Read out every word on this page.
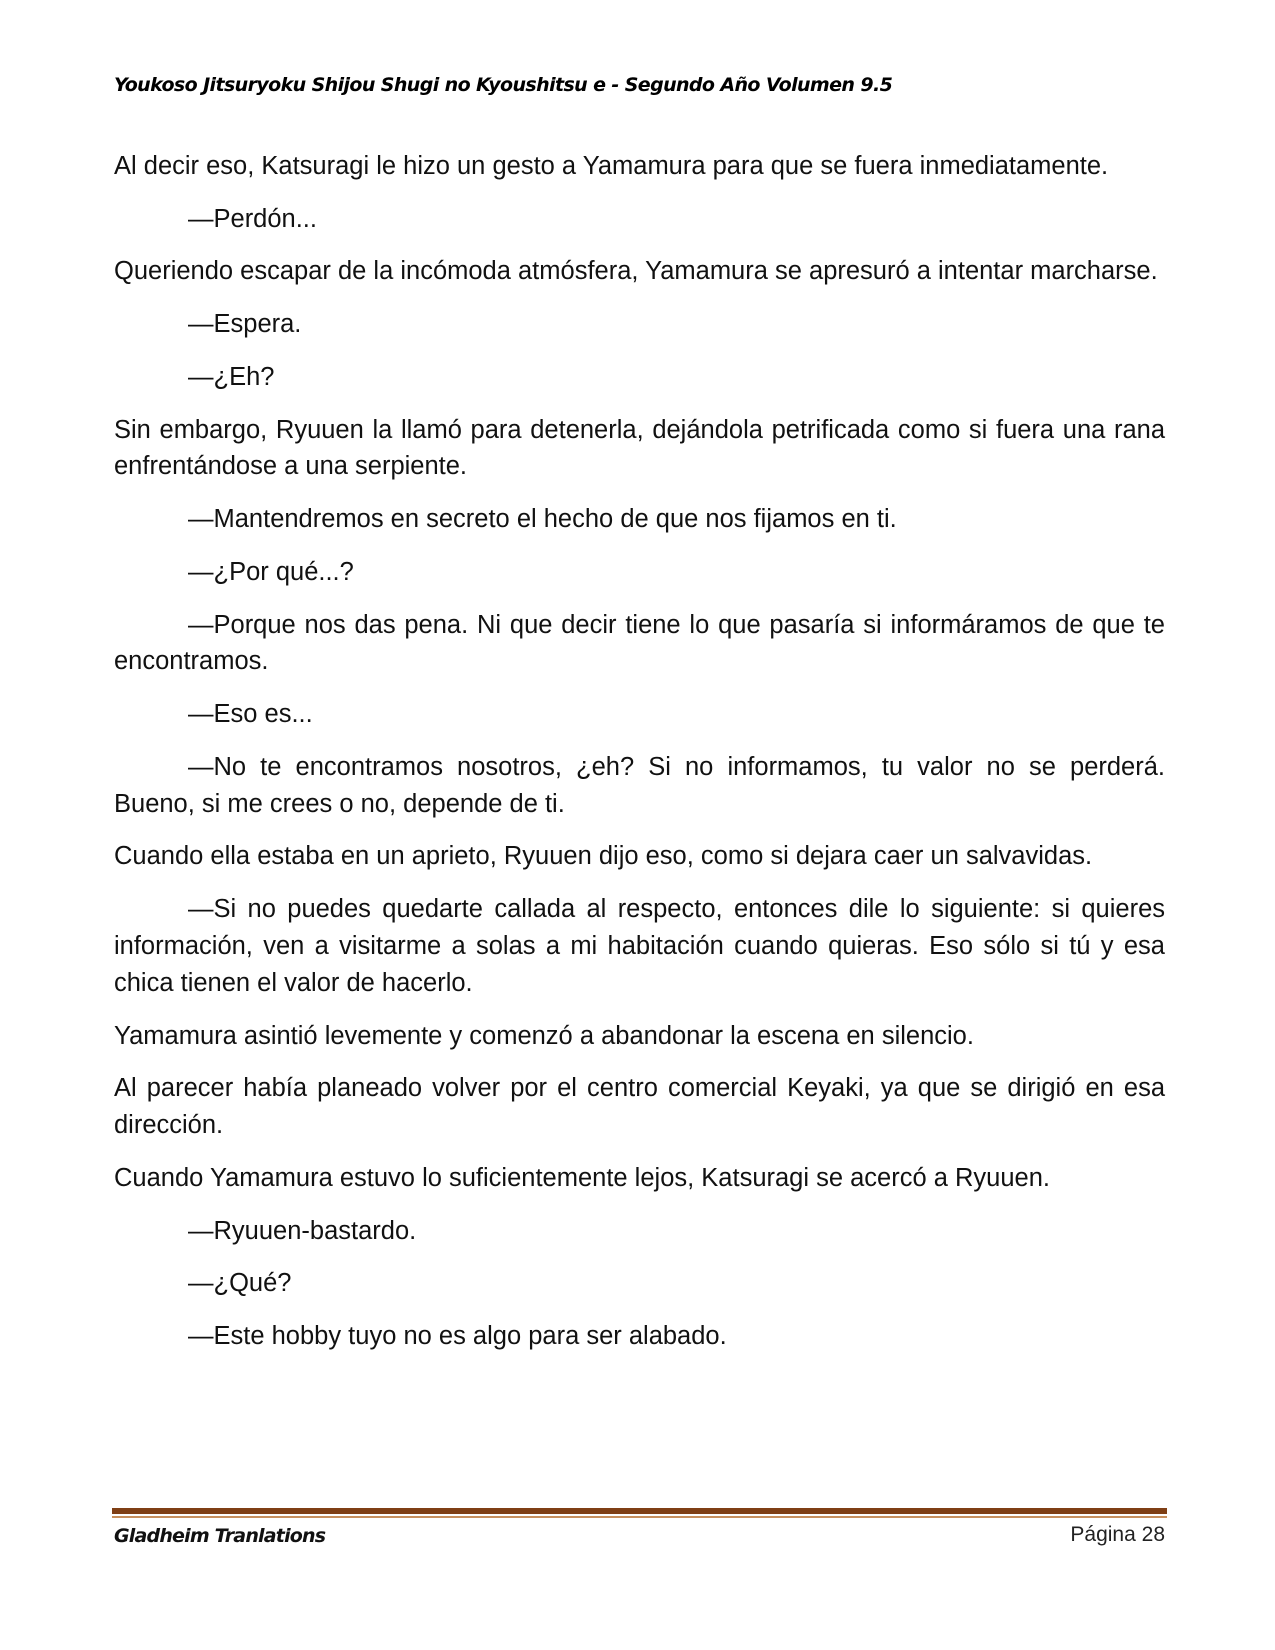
Youkoso Jitsuryoku Shijou Shugi no Kyoushitsu e - Segundo Año Volumen 9.5

Al decir eso, Katsuragi le hizo un gesto a Yamamura para que se fuera inmediatamente.

—Perdón...

Queriendo escapar de la incómoda atmósfera, Yamamura se apresuró a intentar marcharse.

—Espera.

—¿Eh?

Sin embargo, Ryuuen la llamó para detenerla, dejándola petrificada como si fuera una rana enfrentándose a una serpiente.

—Mantendremos en secreto el hecho de que nos fijamos en ti.

—¿Por qué...?

—Porque nos das pena. Ni que decir tiene lo que pasaría si informáramos de que te encontramos.

—Eso es...

—No te encontramos nosotros, ¿eh? Si no informamos, tu valor no se perderá. Bueno, si me crees o no, depende de ti.

Cuando ella estaba en un aprieto, Ryuuen dijo eso, como si dejara caer un salvavidas.

—Si no puedes quedarte callada al respecto, entonces dile lo siguiente: si quieres información, ven a visitarme a solas a mi habitación cuando quieras. Eso sólo si tú y esa chica tienen el valor de hacerlo.

Yamamura asintió levemente y comenzó a abandonar la escena en silencio.

Al parecer había planeado volver por el centro comercial Keyaki, ya que se dirigió en esa dirección.

Cuando Yamamura estuvo lo suficientemente lejos, Katsuragi se acercó a Ryuuen.

—Ryuuen-bastardo.

—¿Qué?

—Este hobby tuyo no es algo para ser alabado.

Gladheim Tranlations	Página 28
